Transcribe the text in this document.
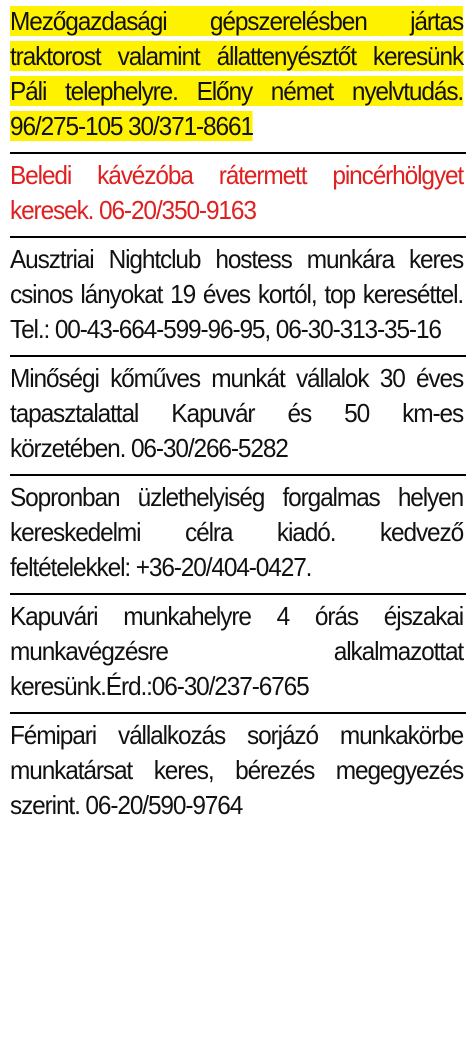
Mezőgazdasági gépszerelésben jártas traktorost valamint állattenyésztőt keresünk Páli telephelyre. Előny német nyelvtudás. 96/275-105 30/371-8661
Beledi kávézóba rátermett pincérhölgyet keresek. 06-20/350-9163
Ausztriai Nightclub hostess munkára keres csinos lányokat 19 éves kortól, top kereséttel. Tel.: 00-43-664-599-96-95, 06-30-313-35-16
Minőségi kőműves munkát vállalok 30 éves tapasztalattal Kapuvár és 50 km-es körzetében. 06-30/266-5282
Sopronban üzlethelyiség forgalmas helyen kereskedelmi célra kiadó. kedvező feltételekkel: +36-20/404-0427.
Kapuvári munkahelyre 4 órás éjszakai munkavégzésre alkalmazottat keresünk.Érd.:06-30/237-6765
Fémipari vállalkozás sorjázó munkakörbe munkatársat keres, bérezés megegyezés szerint. 06-20/590-9764
